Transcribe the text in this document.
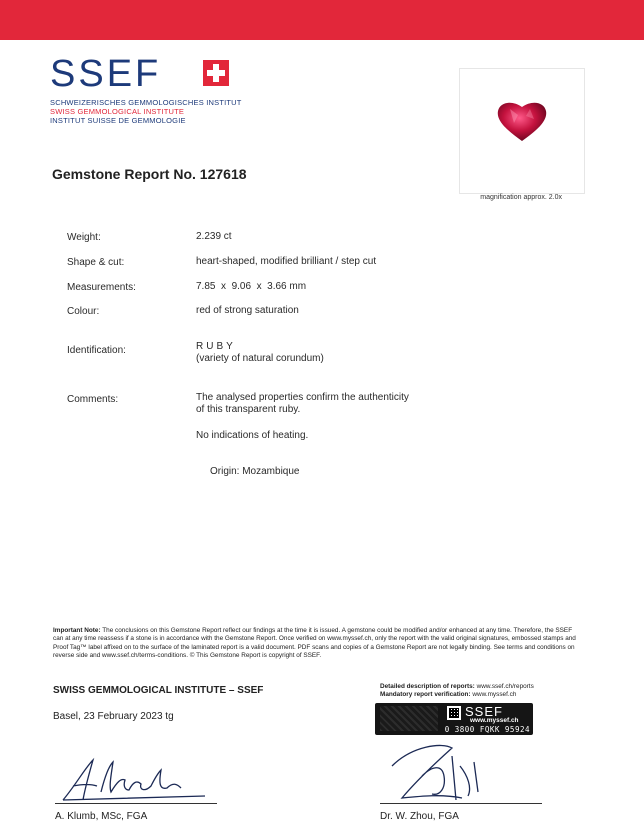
SSEF
SCHWEIZERISCHES GEMMOLOGISCHES INSTITUT
SWISS GEMMOLOGICAL INSTITUTE
INSTITUT SUISSE DE GEMMOLOGIE
magnification approx. 2.0x
Gemstone Report No. 127618
Weight:	2.239 ct
Shape & cut:	heart-shaped, modified brilliant / step cut
Measurements:	7.85  x  9.06  x  3.66 mm
Colour:	red of strong saturation
Identification:	RUBY
(variety of natural corundum)
Comments:	The analysed properties confirm the authenticity
of this transparent ruby.
No indications of heating.
Origin: Mozambique
Important Note: The conclusions on this Gemstone Report reflect our findings at the time it is issued. A gemstone could be modified and/or enhanced at any time. Therefore, the SSEF can at any time reassess if a stone is in accordance with the Gemstone Report. Once verified on www.myssef.ch, only the report with the valid original signatures, embossed stamps and Proof Tag™ label affixed on to the surface of the laminated report is a valid document. PDF scans and copies of a Gemstone Report are not legally binding. See terms and conditions on reverse side and www.ssef.ch/terms-conditions. © This Gemstone Report is copyright of SSEF.
SWISS GEMMOLOGICAL INSTITUTE – SSEF
Basel, 23 February 2023 tg
Detailed description of reports: www.ssef.ch/reports
Mandatory report verification: www.myssef.ch
SSEF
www.myssef.ch
0 3800 FQKK 95924
A. Klumb, MSc, FGA	Dr. W. Zhou, FGA
